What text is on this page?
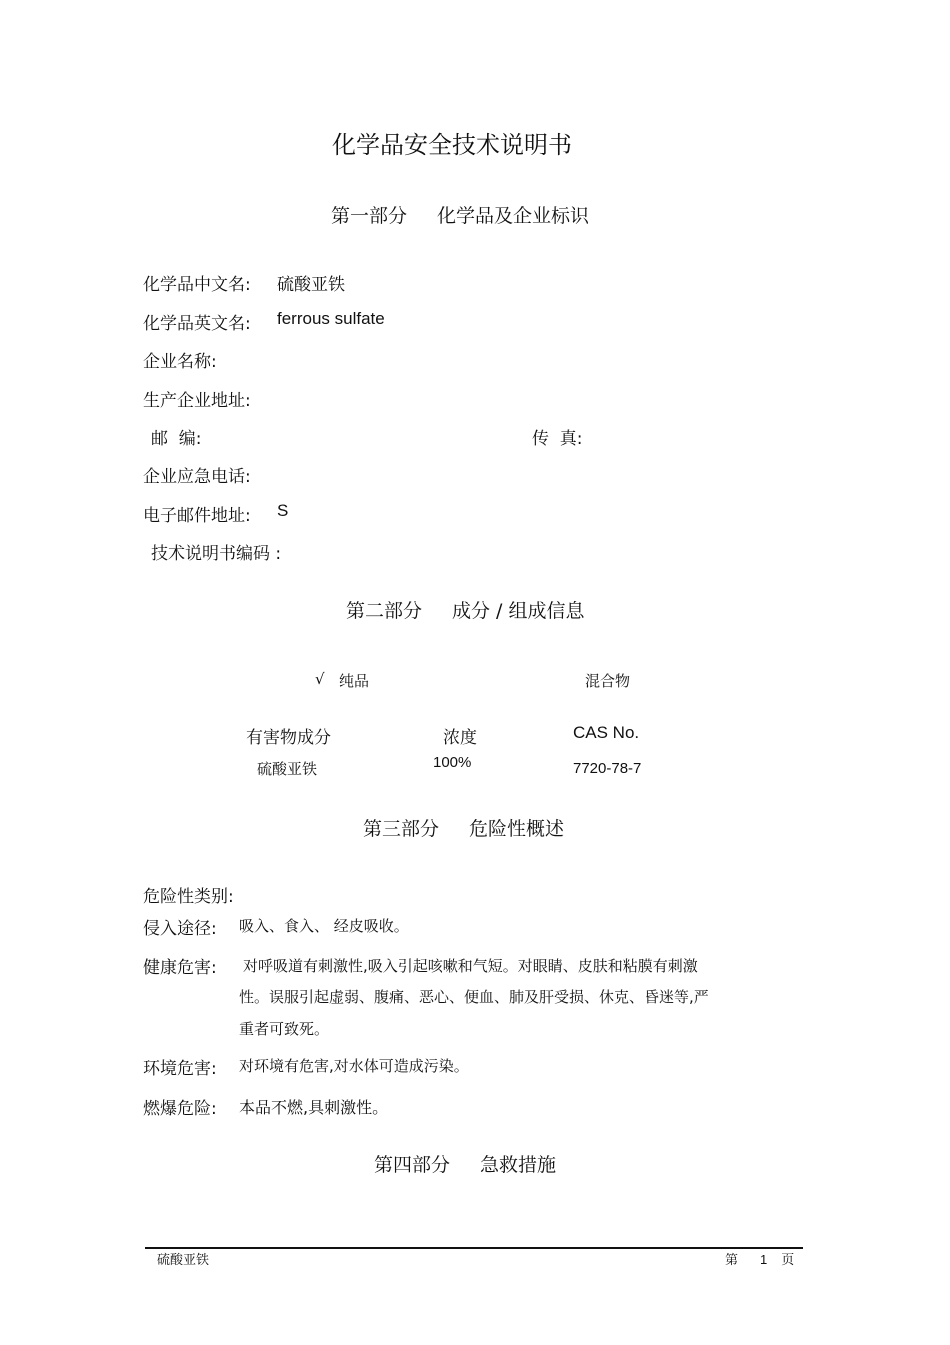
化学品安全技术说明书
第一部分 化学品及企业标识
化学品中文名: 硫酸亚铁
化学品英文名: ferrous sulfate
企业名称:
生产企业地址:
邮  编:	传  真:
企业应急电话:
电子邮件地址: S
技术说明书编码 :
第二部分 成分 / 组成信息
√ 纯品	混合物
有害物成分	浓度	CAS No.
硫酸亚铁	100%	7720-78-7
第三部分 危险性概述
危险性类别:
侵入途径: 吸入、食入、 经皮吸收。
健康危害: 对呼吸道有刺激性,吸入引起咳嗽和气短。对眼睛、皮肤和粘膜有刺激
性。误服引起虚弱、腹痛、恶心、便血、肺及肝受损、休克、昏迷等,严
重者可致死。
环境危害: 对环境有危害,对水体可造成污染。
燃爆危险: 本品不燃,具刺激性。
第四部分 急救措施
硫酸亚铁	第 1 页
